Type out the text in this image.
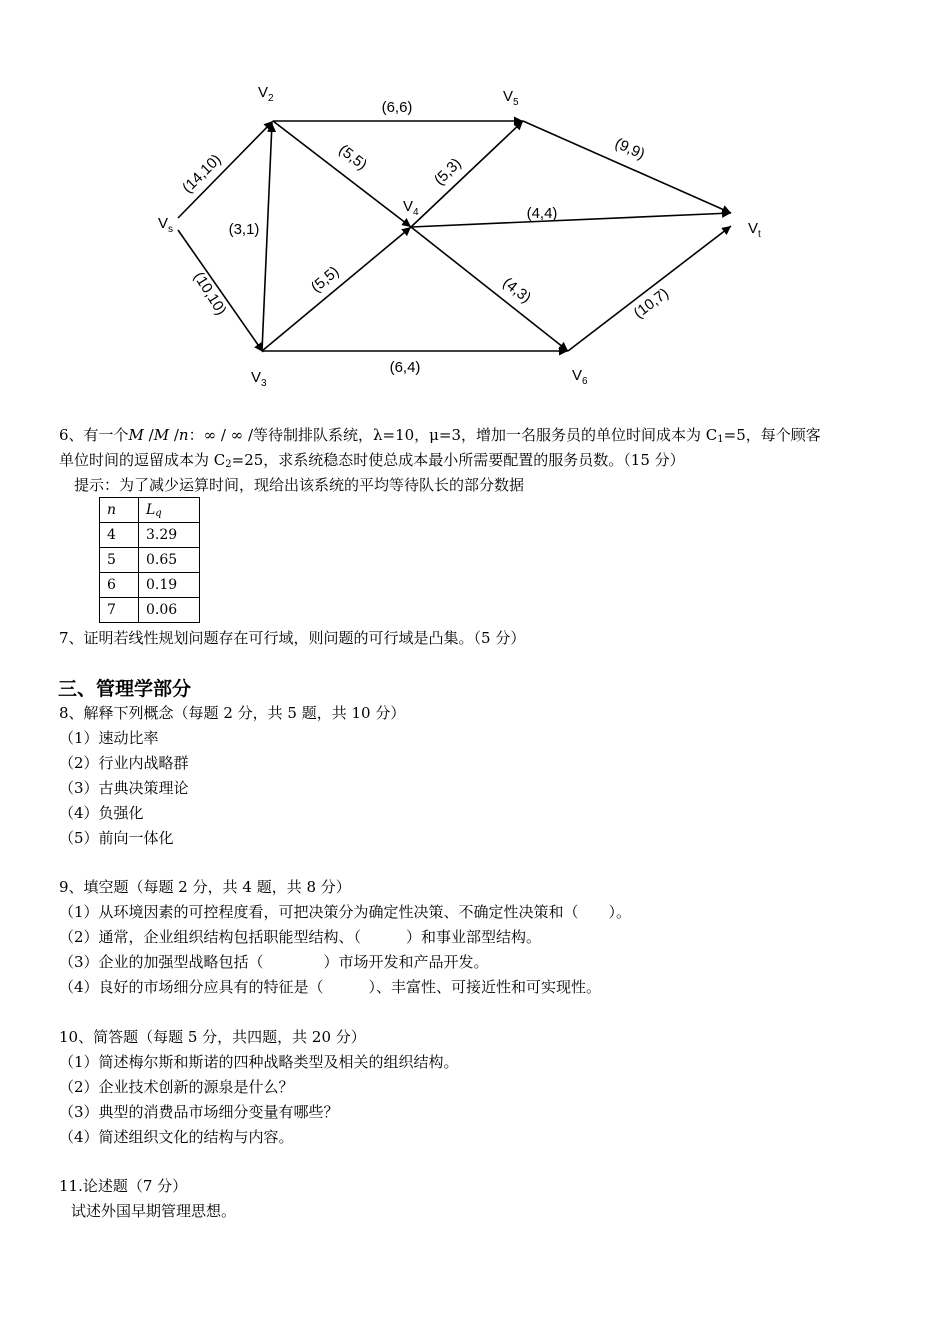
$V_s$
$V_2$
$V_3$
$V_4$
$V_5$
$V_6$
$V_t$
(14,10)
(10,10)
(3,1)
(6,6)
(5,5)
(5,5)
(5,3)
(9,9)
(4,4)
(6,4)
(4,3)	(10,7)
6、有一个M /M /n：∞ / ∞ /等待制排队系统，λ=10，μ=3，增加一名服务员的单位时间成本为 $C_1=5$，每个顾客
单位时间的逗留成本为 $C_2=25$，求系统稳态时使总成本最小所需要配置的服务员数。（15 分）
提示：为了减少运算时间，现给出该系统的平均等待队长的部分数据
n	$L_q$
4	3.29
5	0.65
6	0.19
7	0.06
7、证明若线性规划问题存在可行域，则问题的可行域是凸集。（5 分）
三、管理学部分
8、解释下列概念（每题 2 分，共 5 题，共 10 分）
（1）速动比率
（2）行业内战略群
（3）古典决策理论
（4）负强化
（5）前向一体化
9、填空题（每题 2 分，共 4 题，共 8 分）
（1）从环境因素的可控程度看，可把决策分为确定性决策、不确定性决策和（　　）。
（2）通常，企业组织结构包括职能型结构、（　　　）和事业部型结构。
（3）企业的加强型战略包括（　　　　）市场开发和产品开发。
（4）良好的市场细分应具有的特征是（　　　）、丰富性、可接近性和可实现性。
10、简答题（每题 5 分，共四题，共 20 分）
（1）简述梅尔斯和斯诺的四种战略类型及相关的组织结构。
（2）企业技术创新的源泉是什么？
（3）典型的消费品市场细分变量有哪些？
（4）简述组织文化的结构与内容。
11.论述题（7 分）
试述外国早期管理思想。
